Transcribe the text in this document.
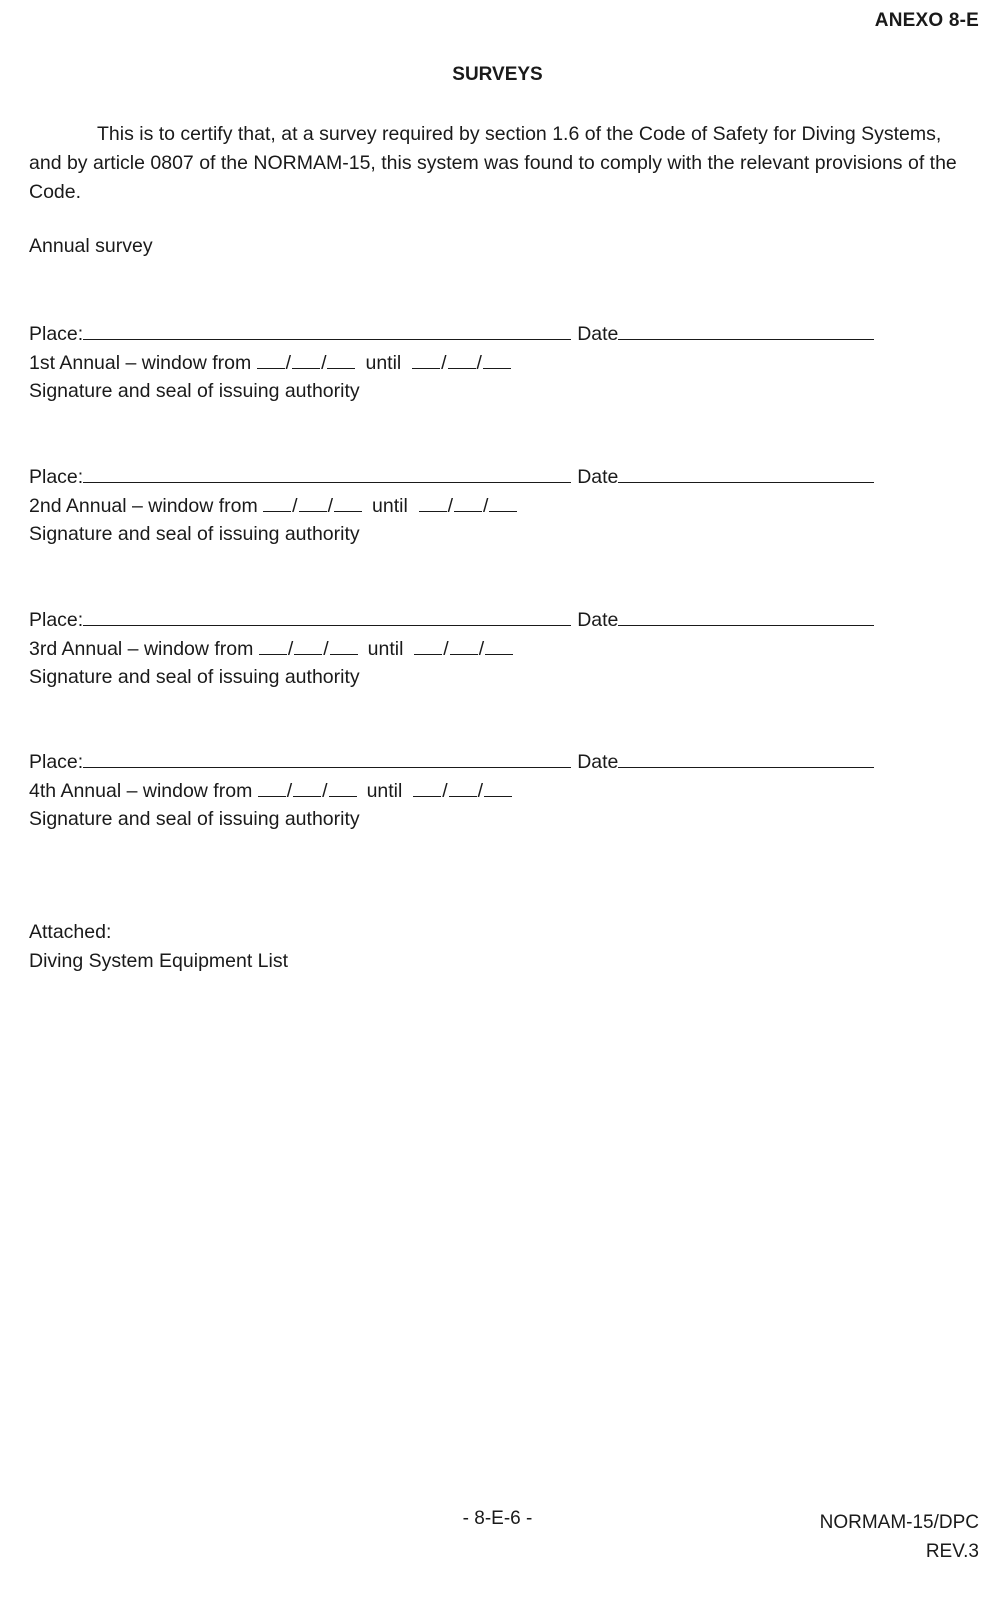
ANEXO 8-E
SURVEYS

This is to certify that, at a survey required by section 1.6 of the Code of Safety for Diving Systems, and by article 0807 of the NORMAM-15, this system was found to comply with the relevant provisions of the Code.

Annual survey
Place:	Date
1st Annual –
window from
/ / until
/ /
Signature and seal of issuing authority
Place:	Date
2nd Annual –
window from
/ / until
/ /
Signature and seal of issuing authority
Place:	Date
3rd Annual –
window from
/ / until
/ /
Signature and seal of issuing authority
Place:	Date
4th Annual –
window from
/ / until
/ /
Signature and seal of issuing authority
Attached:
Diving System Equipment List
- 8-E-6 -	NORMAM-15/DPC
REV.3
